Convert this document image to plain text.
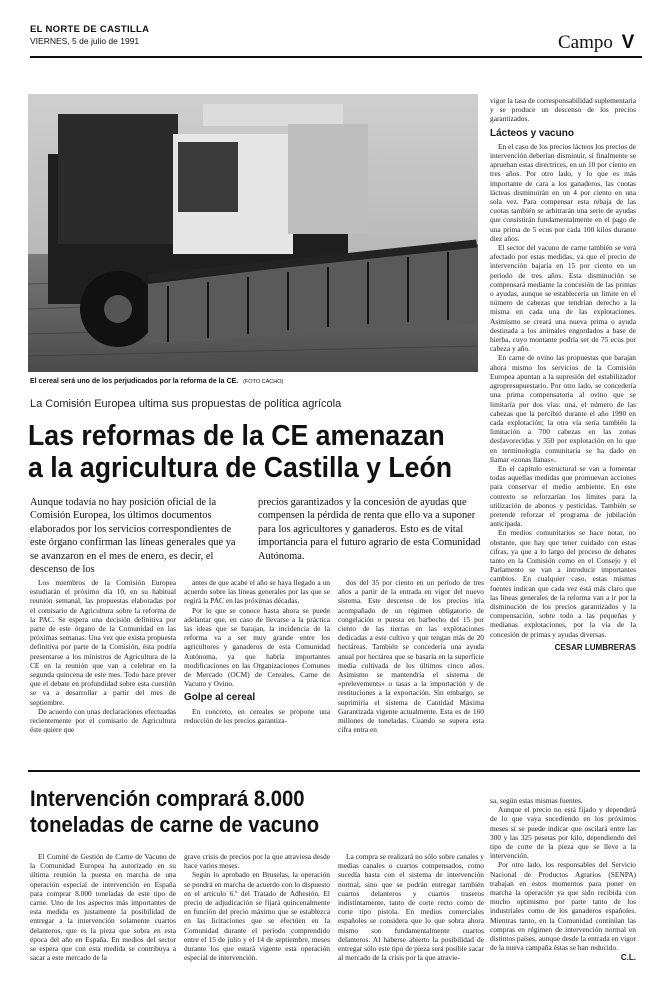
EL NORTE DE CASTILLA
VIERNES, 5 de julio de 1991	Campo V
El cereal será uno de los perjudicados por la reforma de la CE. (FOTO CACHO)
La Comisión Europea ultima sus propuestas de política agrícola
Las reformas de la CE amenazan
a la agricultura de Castilla y León
Aunque todavía no hay posición oficial de la Comisión Europea, los últimos documentos elaborados por los servicios correspondientes de este órgano confirman las líneas generales que ya se avanzaron en el mes de enero, es decir, el descenso de los
precios garantizados y la concesión de ayudas que compensen la pérdida de renta que ello va a suponer para los agricultores y ganaderos. Esto es de vital importancia para el futuro agrario de esta Comunidad Autónoma.

Los miembros de la Comisión Europea estudiarán el próximo día 10, en su habitual reunión semanal, las propuestas elaboradas por el comisario de Agricultura sobre la reforma de la PAC. Se espera una decisión definitiva por parte de este órgano de la Comunidad en las próximas semanas. Una vez que exista propuesta definitiva por parte de la Comisión, ésta podría presentarse a los ministros de Agricultura de la CE en la reunión que van a celebrar en la segunda quincena de este mes. Todo hace prever que el debate en profundidad sobre esta cuestión se va a desarrollar a partir del mes de septiembre.

De acuerdo con unas declaraciones efectuadas recientemente por el comisario de Agricultura éste quiere que

antes de que acabe el año se haya llegado a un acuerdo sobre las líneas generales por las que se regirá la PAC en las próximas décadas.

Por lo que se conoce hasta ahora se puede adelantar que, en caso de llevarse a la práctica las ideas que se barajan, la incidencia de la reforma va a ser muy grande entre los agricultores y ganaderos de esta Comunidad Autónoma, ya que habría importantes modificaciones en las Organizaciones Comunes de Mercado (OCM) de Cereales, Carne de Vacuno y Ovino.

Golpe al cereal

En concreto, en cereales se propone una reducción de los precios garantiza-

dos del 35 por ciento en un período de tres años a partir de la entrada en vigor del nuevo sistema. Este descenso de los precios iría acompañado de un régimen obligatorio de congelación o puesta en barbecho del 15 por ciento de las tierras en las explotaciones dedicadas a este cultivo y que tengan más de 20 hectáreas. También se concedería una ayuda anual por hectárea que se basaría en la superficie media cultivada de los últimos cinco años. Asimismo se mantendría el sistema de «prelevements» o tasas a la importación y de restituciones a la exportación. Sin embargo, se suprimiría el sistema de Cantidad Máxima Garantizada vigente actualmente. Esta es de 160 millones de toneladas. Cuando se supera esta cifra entra en

vigor la tasa de corresponsabilidad suplementaria y se produce un descenso de los precios garantizados.

Lácteos y vacuno

En el caso de los precios lácteos los precios de intervención deberían disminuir, si finalmente se aprueban estas directrices, en un 10 por ciento en tres años. Por otro lado, y lo que es más importante de cara a los ganaderos, las cuotas lácteas disminuirán en un 4 por ciento en una sola vez. Para compensar esta rebaja de las cuotas también se arbitrarán una serie de ayudas que consistirán fundamentalmente en el pago de una prima de 5 ecus por cada 100 kilos durante diez años.

El sector del vacuno de carne también se verá afectado por estas medidas, ya que el precio de intervención bajaría en 15 por ciento en un período de tres años. Esta disminución se compensará mediante la concesión de las primas o ayudas, aunque se establecería un límite en el número de cabezas que tendrían derecho a la misma en cada una de las explotaciones. Asimismo se creará una nueva prima o ayuda destinada a los animales engordados a base de hierba, cuyo montante podría ser de 75 ecus por cabeza y año.

En carne de ovino las propuestas que barajan ahora mismo los servicios de la Comisión Europea apuntan a la supresión del estabilizador agropresupuestario. Por otro lado, se concedería una prima compensatoria al ovino que se limitaría por dos vías: una, el número de las cabezas que la percibió durante el año 1990 en cada explotación; la otra vía sería también la limitación a 700 cabezas en las zonas desfavorecidas y 350 por explotación en lo que en terminología comunitaria se ha dado en llamar «zonas llanas».

En el capítulo estructural se van a fomentar todas aquellas medidas que promuevan acciones para conservar el medio ambiente. En este contexto se reforzarían los límites para la utilización de abonos y pesticidas. También se pretende reforzar el programa de jubilación anticipada.

En medios comunitarios se hace notar, no obstante, que hay que tener cuidado con estas cifras, ya que a lo largo del proceso de debates tanto en la Comisión como en el Consejo y el Parlamento se van a introducir importantes cambios. En cualquier caso, estas mismas fuentes indican que cada vez está más claro que las líneas generales de la reforma van a ir por la disminución de los precios garantizados y la compensación, sobre todo a las pequeñas y medianas explotaciones, por la vía de la concesión de primas y ayudas diversas.

CESAR LUMBRERAS
Intervención comprará 8.000
toneladas de carne de vacuno

El Comité de Gestión de Carne de Vacuno de la Comunidad Europea ha autorizado en su última reunión la puesta en marcha de una operación especial de intervención en España para comprar 8.000 toneladas de este tipo de carne. Uno de los aspectos más importantes de esta medida es justamente la posibilidad de entregar a la intervención solamente cuartos delanteros, que es la pieza que sobra en esta época del año en España. En medios del sector se espera que con esta medida se contribuya a sacar a este mercado de la

grave crisis de precios por la que atraviesa desde hace varios meses.

Según lo aprobado en Bruselas, la operación se pondrá en marcha de acuerdo con lo dispuesto en el artículo 6.º del Tratado de Adhesión. El precio de adjudicación se fijará quincenalmente en función del precio máximo que se establezca en las licitaciones que se efectúen en la Comunidad durante el período comprendido entre el 15 de julio y el 14 de septiembre, meses durante los que estará vigente esta operación especial de intervención.

La compra se realizará no sólo sobre canales y medias canales o cuartos compensados, como sucedía hasta con el sistema de intervención normal, sino que se podrán entregar también cuartos delanteros y cuartos traseros indistintamente, tanto de corte recto como de corte tipo pistola. En medios comerciales españoles se considera que lo que sobra ahora mismo son fundamentalmente cuartos delanteros. Al haberse abierto la posibilidad de entregar sólo este tipo de pieza será posible sacar al mercado de la crisis por la que atravie-

sa, según estas mismas fuentes.

Aunque el precio no está fijado y dependerá de lo que vaya sucediendo en los próximos meses sí se puede indicar que oscilará entre las 300 y las 325 pesetas por kilo, dependiendo del tipo de corte de la pieza que se lleve a la intervención.

Por otro lado, los responsables del Servicio Nacional de Productos Agrarios (SENPA) trabajan en estos momentos para poner en marcha la operación ya que sido recibida con mucho optimismo por parte tanto de los industriales como de los ganaderos españoles. Mientras tanto, en la Comunidad continúan las compras en régimen de intervención normal en distintos países, aunque desde la entrada en vigor de la nueva campaña éstas se han reducido.

C.L.
